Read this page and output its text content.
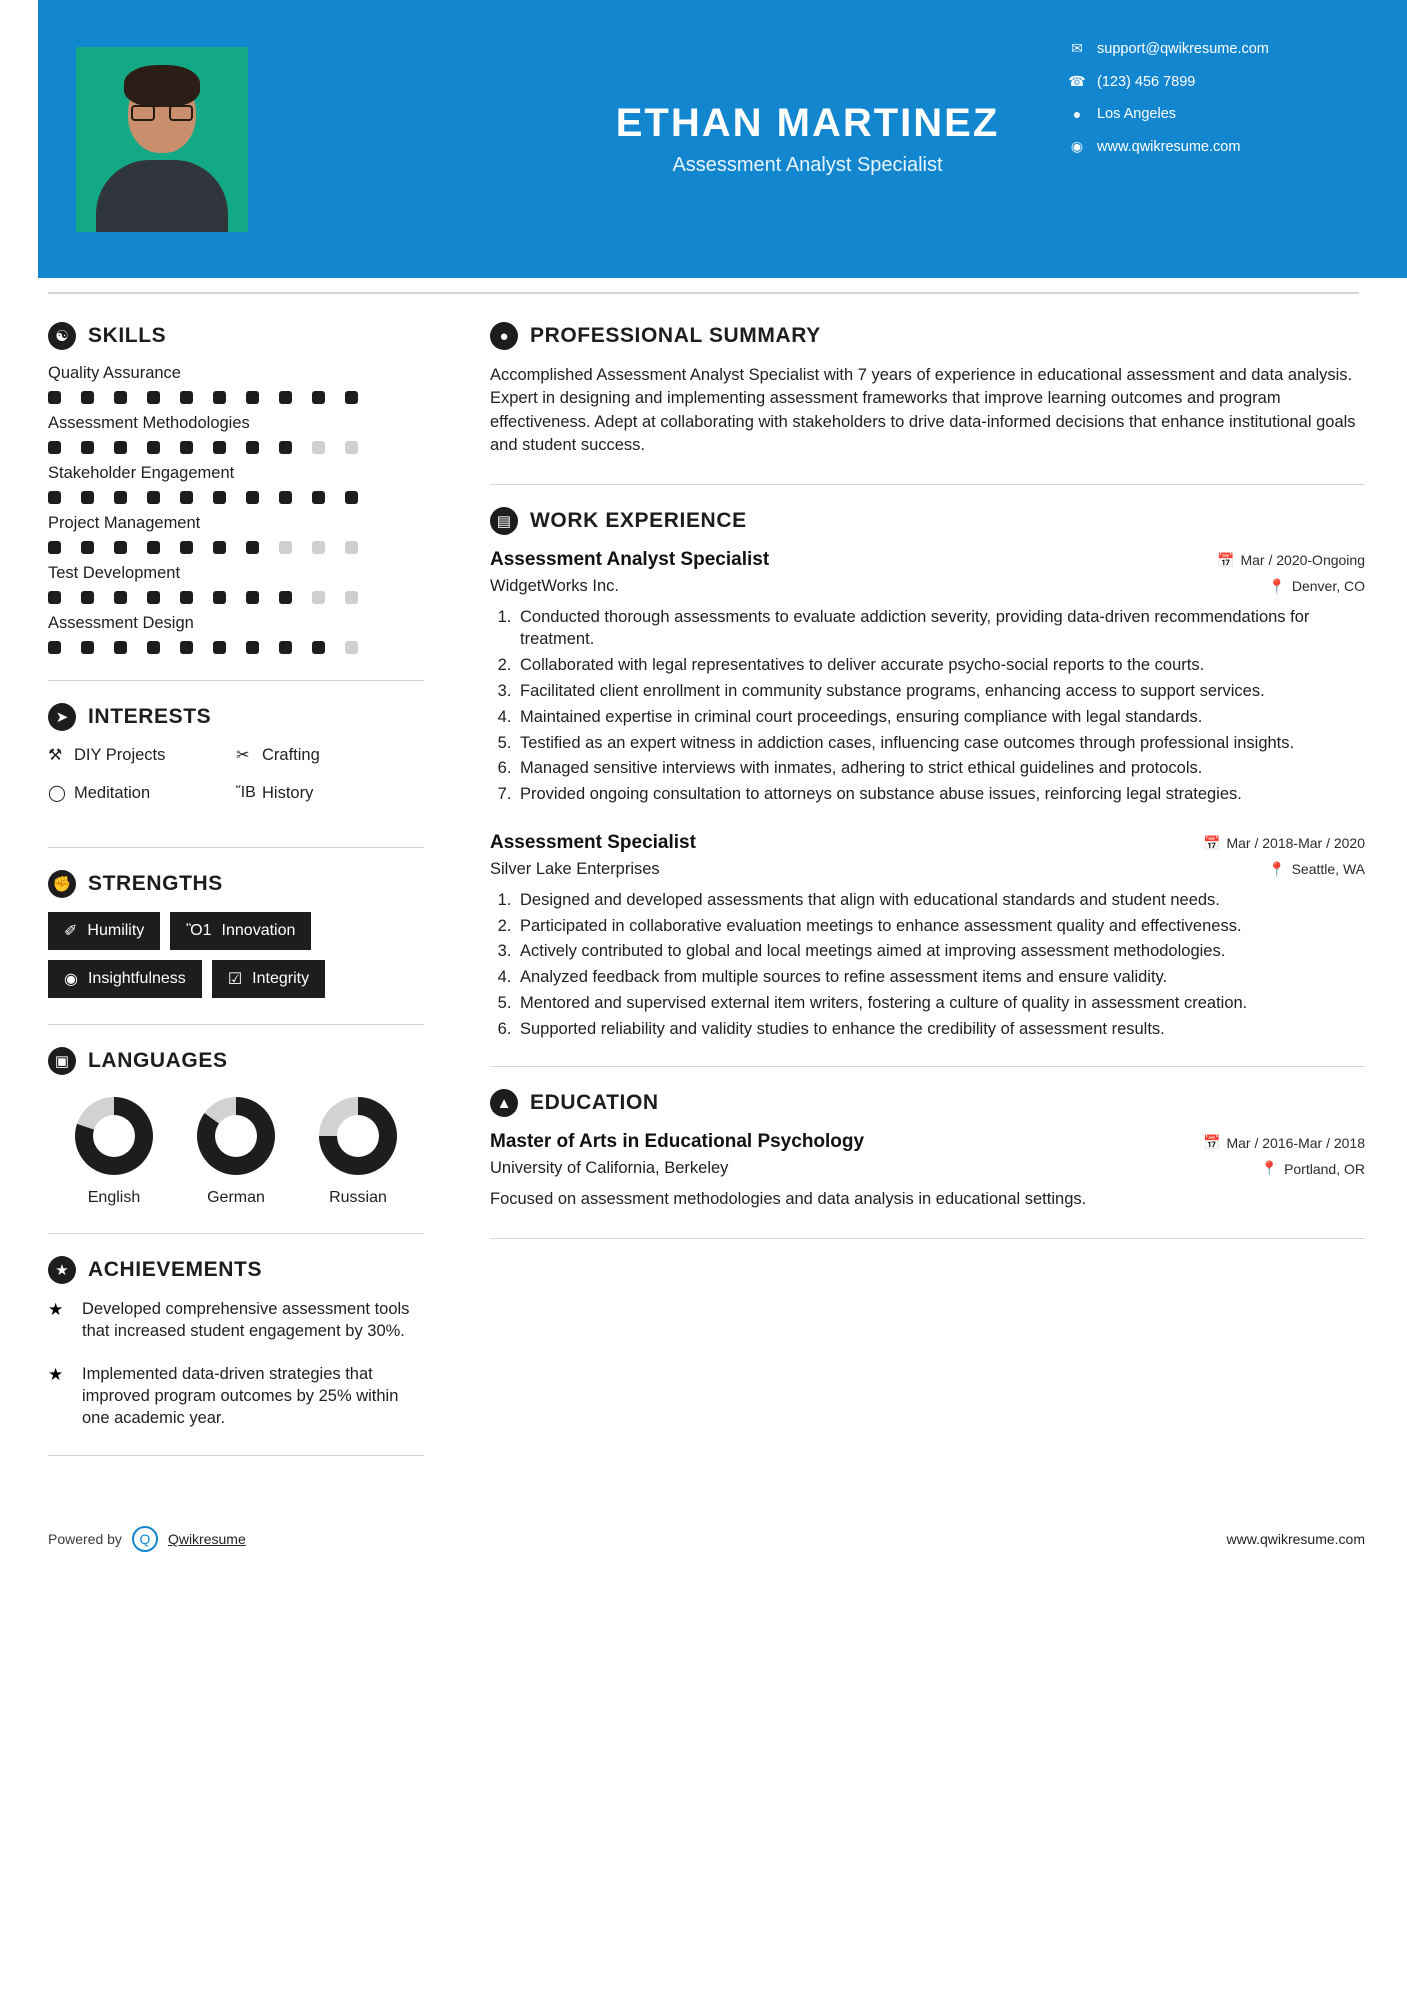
ETHAN MARTINEZ
Assessment Analyst Specialist
✉ support@qwikresume.com
☎ (123) 456 7899
●	Los Angeles
◉ www.qwikresume.com
☯ SKILLS
Quality Assurance
Assessment Methodologies
Stakeholder Engagement
Project Management
Test Development
Assessment Design
➤ INTERESTS
⚒ DIY Projects	✂ Crafting
◯ Meditation	ἽB History
✊ STRENGTHS
✐ Humility	Ὂ1 Innovation
◉ Insightfulness	☑ Integrity
▣ LANGUAGES
English	German	Russian
★ ACHIEVEMENTS
★	Developed comprehensive assessment tools that increased student engagement by 30%.
★	Implemented data-driven strategies that improved program outcomes by 25% within one academic year.
●	PROFESSIONAL SUMMARY
Accomplished Assessment Analyst Specialist with 7 years of experience in educational assessment and data analysis. Expert in designing and implementing assessment frameworks that improve learning outcomes and program effectiveness. Adept at collaborating with stakeholders to drive data-informed decisions that enhance institutional goals and student success.
▤ WORK EXPERIENCE
Assessment Analyst Specialist	📅 Mar / 2020-Ongoing
WidgetWorks Inc.	📍 Denver, CO
1. Conducted thorough assessments to evaluate addiction severity, providing data-driven recommendations for treatment.
2. Collaborated with legal representatives to deliver accurate psycho-social reports to the courts.
3. Facilitated client enrollment in community substance programs, enhancing access to support services.
4. Maintained expertise in criminal court proceedings, ensuring compliance with legal standards.
5. Testified as an expert witness in addiction cases, influencing case outcomes through professional insights.
6. Managed sensitive interviews with inmates, adhering to strict ethical guidelines and protocols.
7. Provided ongoing consultation to attorneys on substance abuse issues, reinforcing legal strategies.
Assessment Specialist	📅 Mar / 2018-Mar / 2020
Silver Lake Enterprises	📍 Seattle, WA
1. Designed and developed assessments that align with educational standards and student needs.
2. Participated in collaborative evaluation meetings to enhance assessment quality and effectiveness.
3. Actively contributed to global and local meetings aimed at improving assessment methodologies.
4. Analyzed feedback from multiple sources to refine assessment items and ensure validity.
5. Mentored and supervised external item writers, fostering a culture of quality in assessment creation.
6. Supported reliability and validity studies to enhance the credibility of assessment results.
▲ EDUCATION
Master of Arts in Educational Psychology	📅 Mar / 2016-Mar / 2018
University of California, Berkeley	📍 Portland, OR
Focused on assessment methodologies and data analysis in educational settings.
Powered by	Q	Qwikresume	www.qwikresume.com
